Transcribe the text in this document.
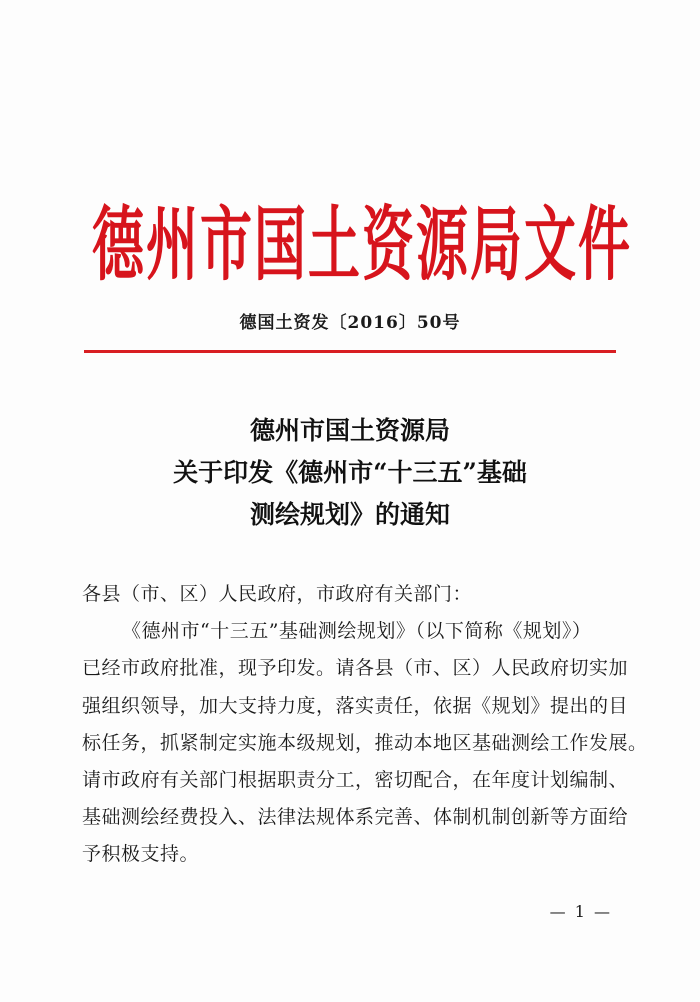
德州市国土资源局文件
德国土资发〔2016〕50号
德州市国土资源局
关于印发《德州市“十三五”基础
测绘规划》的通知
各县（市、区）人民政府，市政府有关部门：
《德州市“十三五”基础测绘规划》（以下简称《规划》）
已经市政府批准，现予印发。请各县（市、区）人民政府切实加
强组织领导，加大支持力度，落实责任，依据《规划》提出的目
标任务，抓紧制定实施本级规划，推动本地区基础测绘工作发展。
请市政府有关部门根据职责分工，密切配合，在年度计划编制、
基础测绘经费投入、法律法规体系完善、体制机制创新等方面给
予积极支持。
— 1 —
